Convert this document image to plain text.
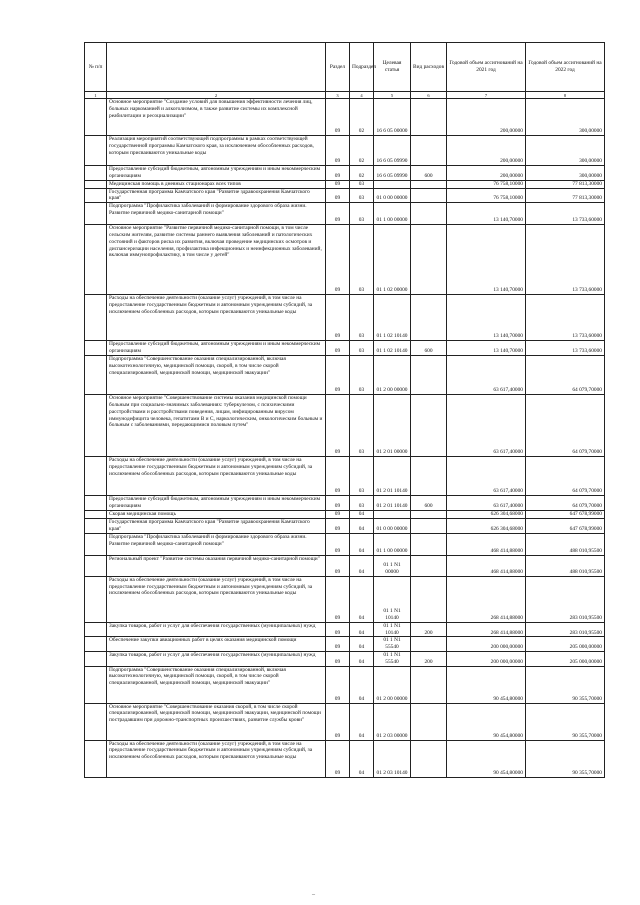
№ п/п		Раздел	Подраздел	Целевая статья	Вид расходов	Годовой объем ассигнований на 2021 год	Годовой объем ассигнований на 2022 год
1	2	3	4	5	6	7	8
	Основное мероприятие "Создание условий для повышения эффективности лечения лиц, больных наркоманией и алкоголизмом, в также развитие системы их комплексной реабилитации и ресоциализации"	09	02	16 6 05 00000		200,00000	300,00000
	Реализация мероприятий соответствующей подпрограммы в рамках соответствующей государственной программы Камчатского края, за исключением обособленных расходов, которым присваиваются уникальные коды	09	02	16 6 05 09990		200,00000	300,00000
	Предоставление субсидий бюджетным, автономным учреждениям и иным некоммерческим организациям	09	02	16 6 05 09990	600	200,00000	300,00000
	Медицинская помощь в дневных стационарах всех типов	09	03			76 758,10000	77 813,30000
	Государственная программа Камчатского края "Развитие здравоохранения Камчатского края"	09	03	01 0 00 00000		76 758,10000	77 813,30000
	Подпрограмма "Профилактика заболеваний и формирование здорового образа жизни. Развитие первичной медико-санитарной помощи"	09	03	01 1 00 00000		13 140,70000	13 733,60000
	Основное мероприятие "Развитие первичной медико-санитарной помощи, в том числе сельским жителям, развитие системы раннего выявления заболеваний и патологических состояний и факторов риска их развития, включая проведение медицинских осмотров и диспансеризации населения, профилактика инфекционных и неинфекционных заболеваний, включая иммунопрофилактику, в том числе у детей"	09	03	01 1 02 00000		13 140,70000	13 733,60000
	Расходы на обеспечение деятельности (оказание услуг) учреждений, в том числе на предоставление государственным бюджетным и автономным учреждениям субсидий, за исключением обособленных расходов, которым присваиваются уникальные коды	09	03	01 1 02 10140		13 140,70000	13 733,60000
	Предоставление субсидий бюджетным, автономным учреждениям и иным некоммерческим организациям	09	03	01 1 02 10140	600	13 140,70000	13 733,60000
	Подпрограмма "Совершенствование оказания специализированной, включая высокотехнологичную, медицинской помощи, скорой, в том числе скорой специализированной, медицинской помощи, медицинской эвакуации"	09	03	01 2 00 00000		63 617,40000	64 079,70000
	Основное мероприятие "Совершенствование системы оказания медицинской помощи больным при социально-значимых заболеваниях: туберкулезом, с психическими расстройствами и расстройствами поведения, лицам, инфицированным вирусом иммунодефицита человека, гепатитами В и С, наркологическим, онкологическим больным и больным с заболеваниями, передающимися половым путем"	09	03	01 2 01 00000		63 617,40000	64 079,70000
	Расходы на обеспечение деятельности (оказание услуг) учреждений, в том числе на предоставление государственным бюджетным и автономным учреждениям субсидий, за исключением обособленных расходов, которым присваиваются уникальные коды	09	03	01 2 01 10140		63 617,40000	64 079,70000
	Предоставление субсидий бюджетным, автономным учреждениям и иным некоммерческим организациям	09	03	01 2 01 10140	600	63 617,40000	64 079,70000
	Скорая медицинская помощь	09	04			626 304,68000	647 678,99000
	Государственная программа Камчатского края "Развитие здравоохранения Камчатского края"	09	04	01 0 00 00000		626 304,68000	647 678,99000
	Подпрограмма "Профилактика заболеваний и формирование здорового образа жизни. Развитие первичной медико-санитарной помощи"	09	04	01 1 00 00000		468 414,88000	488 010,95500
	Региональный проект "Развитие системы оказания первичной медико-санитарной помощи"	09	04	01 1 N1 00000		468 414,88000	488 010,95500
	Расходы на обеспечение деятельности (оказание услуг) учреждений, в том числе на предоставление государственным бюджетным и автономным учреждениям субсидий, за исключением обособленных расходов, которым присваиваются уникальные коды	09	04	01 1 N1 10140		268 414,88000	283 010,95500
	Закупка товаров, работ и услуг для обеспечения государственных (муниципальных) нужд	09	04	01 1 N1 10140	200	268 414,88000	283 010,95500
	Обеспечение закупки авиационных работ в целях оказания медицинской помощи	09	04	01 1 N1 55540		200 000,00000	205 000,00000
	Закупка товаров, работ и услуг для обеспечения государственных (муниципальных) нужд	09	04	01 1 N1 55540	200	200 000,00000	205 000,00000
	Подпрограмма "Совершенствование оказания специализированной, включая высокотехнологичную, медицинской помощи, скорой, в том числе скорой специализированной, медицинской помощи, медицинской эвакуации"	09	04	01 2 00 00000		90 454,80000	90 355,70000
	Основное мероприятие "Совершенствование оказания скорой, в том числе скорой специализированной, медицинской помощи, медицинской эвакуации, медицинской помощи пострадавшим при дорожно-транспортных происшествиях, развитие службы крови"	09	04	01 2 03 00000		90 454,80000	90 355,70000
	Расходы на обеспечение деятельности (оказание услуг) учреждений, в том числе на предоставление государственным бюджетным и автономным учреждениям субсидий, за исключением обособленных расходов, которым присваиваются уникальные коды	09	04	01 2 03 10140		90 454,80000	90 355,70000
–
